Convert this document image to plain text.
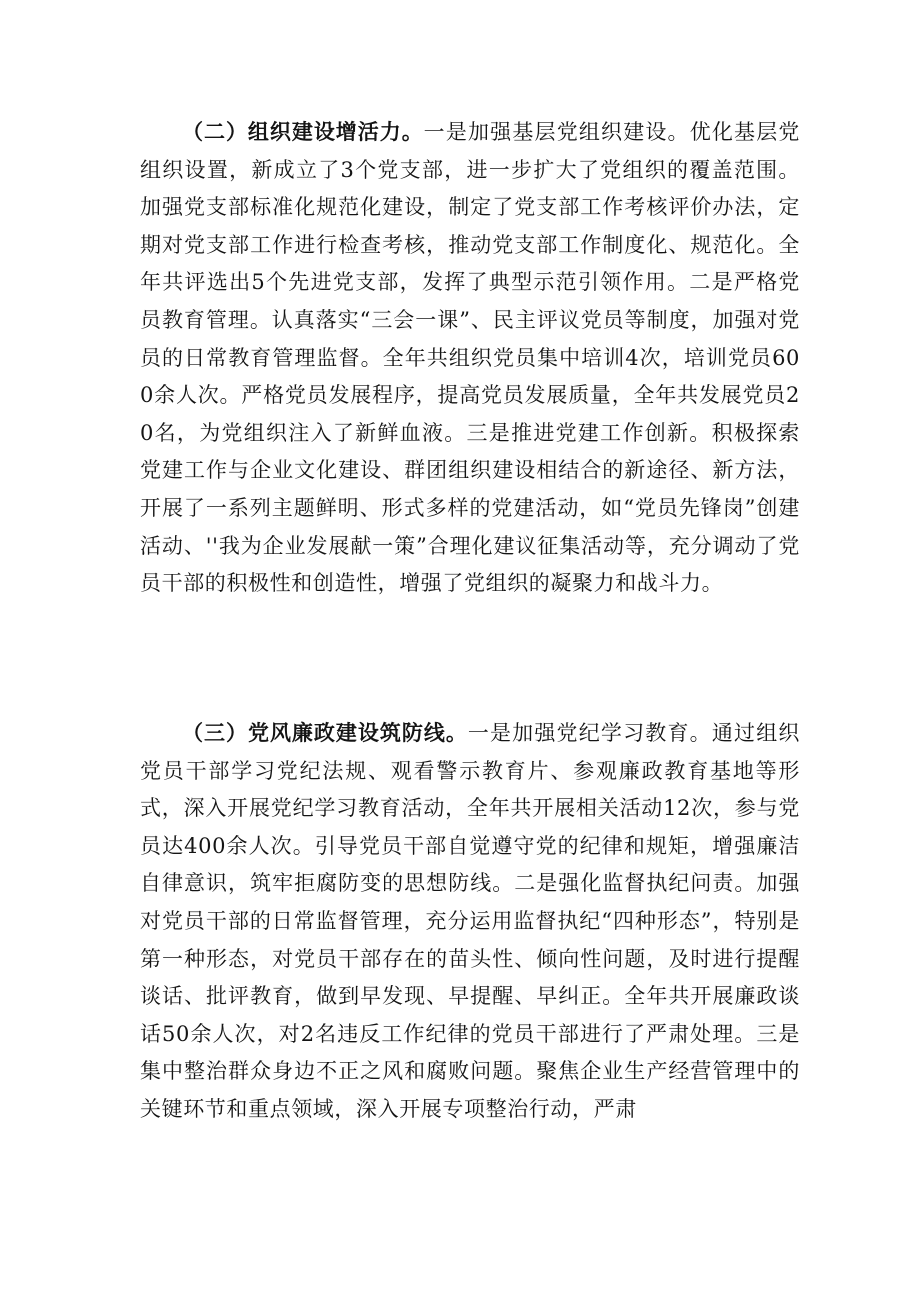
（二）组织建设增活力。一是加强基层党组织建设。优化基层党组织设置，新成立了3个党支部，进一步扩大了党组织的覆盖范围。加强党支部标准化规范化建设，制定了党支部工作考核评价办法，定期对党支部工作进行检查考核，推动党支部工作制度化、规范化。全年共评选出5个先进党支部，发挥了典型示范引领作用。二是严格党员教育管理。认真落实“三会一课”、民主评议党员等制度，加强对党员的日常教育管理监督。全年共组织党员集中培训4次，培训党员600余人次。严格党员发展程序，提高党员发展质量，全年共发展党员20名，为党组织注入了新鲜血液。三是推进党建工作创新。积极探索党建工作与企业文化建设、群团组织建设相结合的新途径、新方法，开展了一系列主题鲜明、形式多样的党建活动，如“党员先锋岗”创建活动、''我为企业发展献一策”合理化建议征集活动等，充分调动了党员干部的积极性和创造性，增强了党组织的凝聚力和战斗力。

（三）党风廉政建设筑防线。一是加强党纪学习教育。通过组织党员干部学习党纪法规、观看警示教育片、参观廉政教育基地等形式，深入开展党纪学习教育活动，全年共开展相关活动12次，参与党员达400余人次。引导党员干部自觉遵守党的纪律和规矩，增强廉洁自律意识，筑牢拒腐防变的思想防线。二是强化监督执纪问责。加强对党员干部的日常监督管理，充分运用监督执纪“四种形态”，特别是第一种形态，对党员干部存在的苗头性、倾向性问题，及时进行提醒谈话、批评教育，做到早发现、早提醒、早纠正。全年共开展廉政谈话50余人次，对2名违反工作纪律的党员干部进行了严肃处理。三是集中整治群众身边不正之风和腐败问题。聚焦企业生产经营管理中的关键环节和重点领域，深入开展专项整治行动，严肃
